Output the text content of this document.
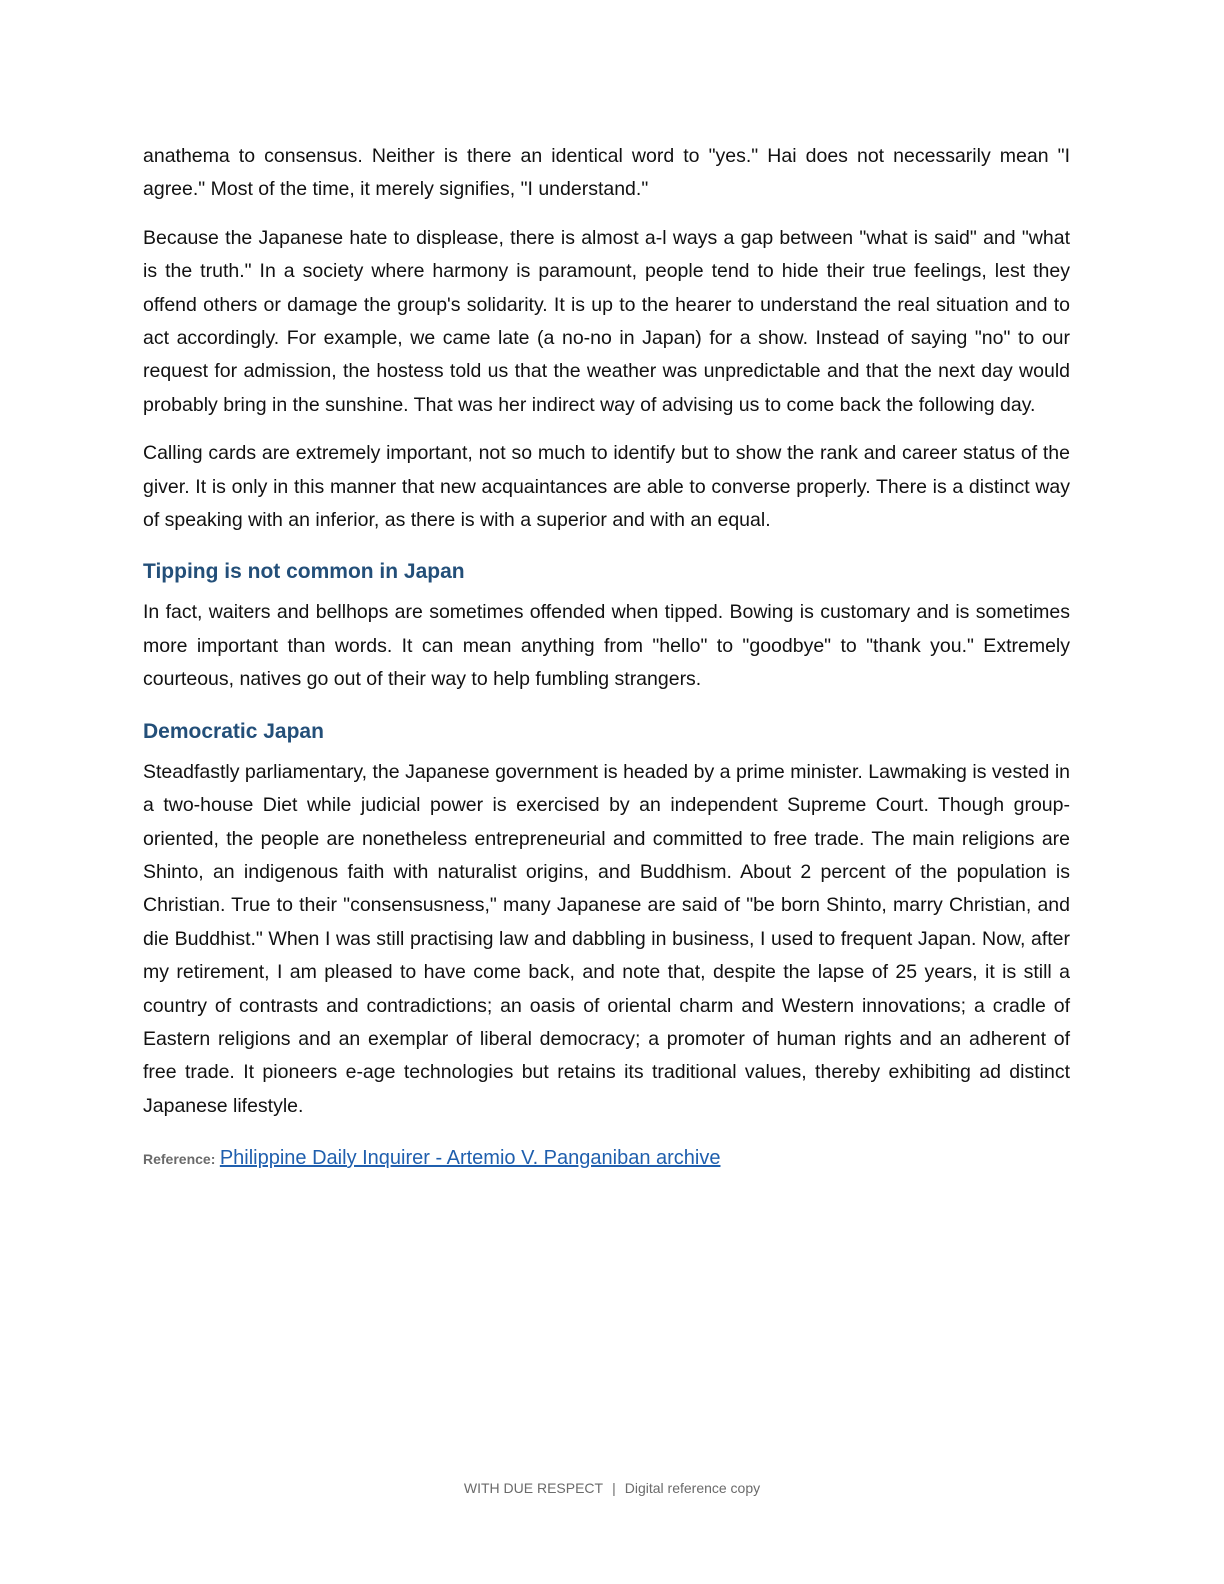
anathema to consensus. Neither is there an identical word to "yes." Hai does not necessarily mean "I agree." Most of the time, it merely signifies, "I understand."

Because the Japanese hate to displease, there is almost a-l ways a gap between "what is said" and "what is the truth." In a society where harmony is paramount, people tend to hide their true feelings, lest they offend others or damage the group's solidarity. It is up to the hearer to understand the real situation and to act accordingly. For example, we came late (a no-no in Japan) for a show. Instead of saying "no" to our request for admission, the hostess told us that the weather was unpredictable and that the next day would probably bring in the sunshine. That was her indirect way of advising us to come back the following day.

Calling cards are extremely important, not so much to identify but to show the rank and career status of the giver. It is only in this manner that new acquaintances are able to converse properly. There is a distinct way of speaking with an inferior, as there is with a superior and with an equal.

Tipping is not common in Japan

In fact, waiters and bellhops are sometimes offended when tipped. Bowing is customary and is sometimes more important than words. It can mean anything from "hello" to "goodbye" to "thank you." Extremely courteous, natives go out of their way to help fumbling strangers.

Democratic Japan

Steadfastly parliamentary, the Japanese government is headed by a prime minister. Lawmaking is vested in a two-house Diet while judicial power is exercised by an independent Supreme Court. Though group-oriented, the people are nonetheless entrepreneurial and committed to free trade. The main religions are Shinto, an indigenous faith with naturalist origins, and Buddhism. About 2 percent of the population is Christian. True to their "consensusness," many Japanese are said of "be born Shinto, marry Christian, and die Buddhist." When I was still practising law and dabbling in business, I used to frequent Japan. Now, after my retirement, I am pleased to have come back, and note that, despite the lapse of 25 years, it is still a country of contrasts and contradictions; an oasis of oriental charm and Western innovations; a cradle of Eastern religions and an exemplar of liberal democracy; a promoter of human rights and an adherent of free trade. It pioneers e-age technologies but retains its traditional values, thereby exhibiting ad distinct Japanese lifestyle.

Reference: Philippine Daily Inquirer - Artemio V. Panganiban archive
WITH DUE RESPECT | Digital reference copy
